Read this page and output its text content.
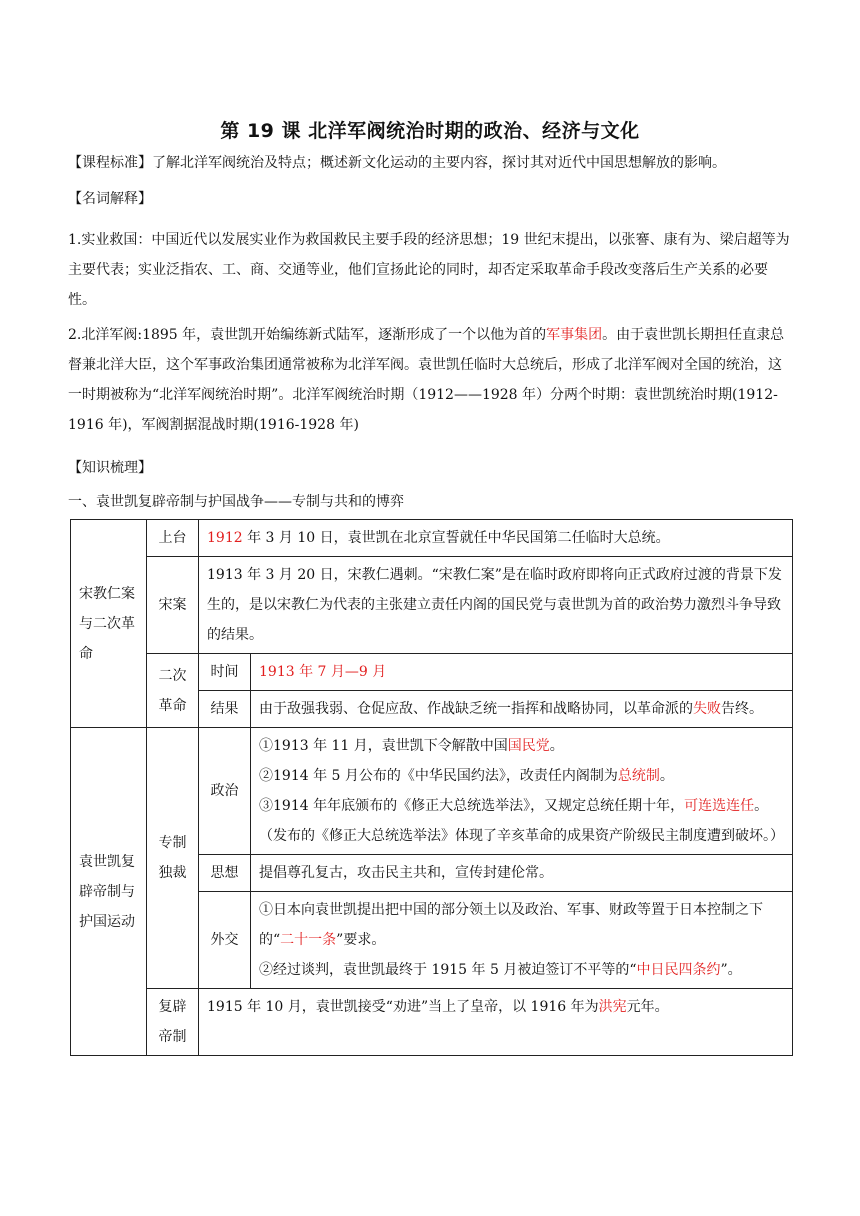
第 19 课 北洋军阀统治时期的政治、经济与文化
【课程标准】了解北洋军阀统治及特点；概述新文化运动的主要内容，探讨其对近代中国思想解放的影响。
【名词解释】
1.实业救国：中国近代以发展实业作为救国救民主要手段的经济思想；19 世纪末提出，以张謇、康有为、梁启超等为主要代表；实业泛指农、工、商、交通等业，他们宣扬此论的同时，却否定采取革命手段改变落后生产关系的必要性。
2.北洋军阀:1895 年，袁世凯开始编练新式陆军，逐渐形成了一个以他为首的军事集团。由于袁世凯长期担任直隶总督兼北洋大臣，这个军事政治集团通常被称为北洋军阀。袁世凯任临时大总统后，形成了北洋军阀对全国的统治，这一时期被称为“北洋军阀统治时期”。北洋军阀统治时期（1912——1928 年）分两个时期：袁世凯统治时期(1912-1916 年)，军阀割据混战时期(1916-1928 年)
【知识梳理】
一、袁世凯复辟帝制与护国战争——专制与共和的博弈
宋教仁案与二次革命	上台	1912 年 3 月 10 日，袁世凯在北京宣誓就任中华民国第二任临时大总统。	
	宋案	1913 年 3 月 20 日，宋教仁遇刺。“宋教仁案”是在临时政府即将向正式政府过渡的背景下发生的，是以宋教仁为代表的主张建立责任内阁的国民党与袁世凯为首的政治势力激烈斗争导致的结果。	

	二次
革命	时间	1913 年 7 月—9 月
		结果	由于敌强我弱、仓促应敌、作战缺乏统一指挥和战略协同，以革命派的失败告终。
袁世凯复辟帝制与护国运动	专制独裁	政治	①1913 年 11 月，袁世凯下令解散中国国民党。
②1914 年 5 月公布的《中华民国约法》，改责任内阁制为总统制。
③1914 年年底颁布的《修正大总统选举法》，又规定总统任期十年，可连选连任。
（发布的《修正大总统选举法》体现了辛亥革命的成果资产阶级民主制度遭到破坏。）

		思想	提倡尊孔复古，攻击民主共和，宣传封建伦常。
		外交	①日本向袁世凯提出把中国的部分领土以及政治、军事、财政等置于日本控制之下的“二十一条”要求。
②经过谈判，袁世凯最终于 1915 年 5 月被迫签订不平等的“中日民四条约”。

	复辟
帝制	1915 年 10 月，袁世凯接受“劝进”当上了皇帝，以 1916 年为洪宪元年。	
